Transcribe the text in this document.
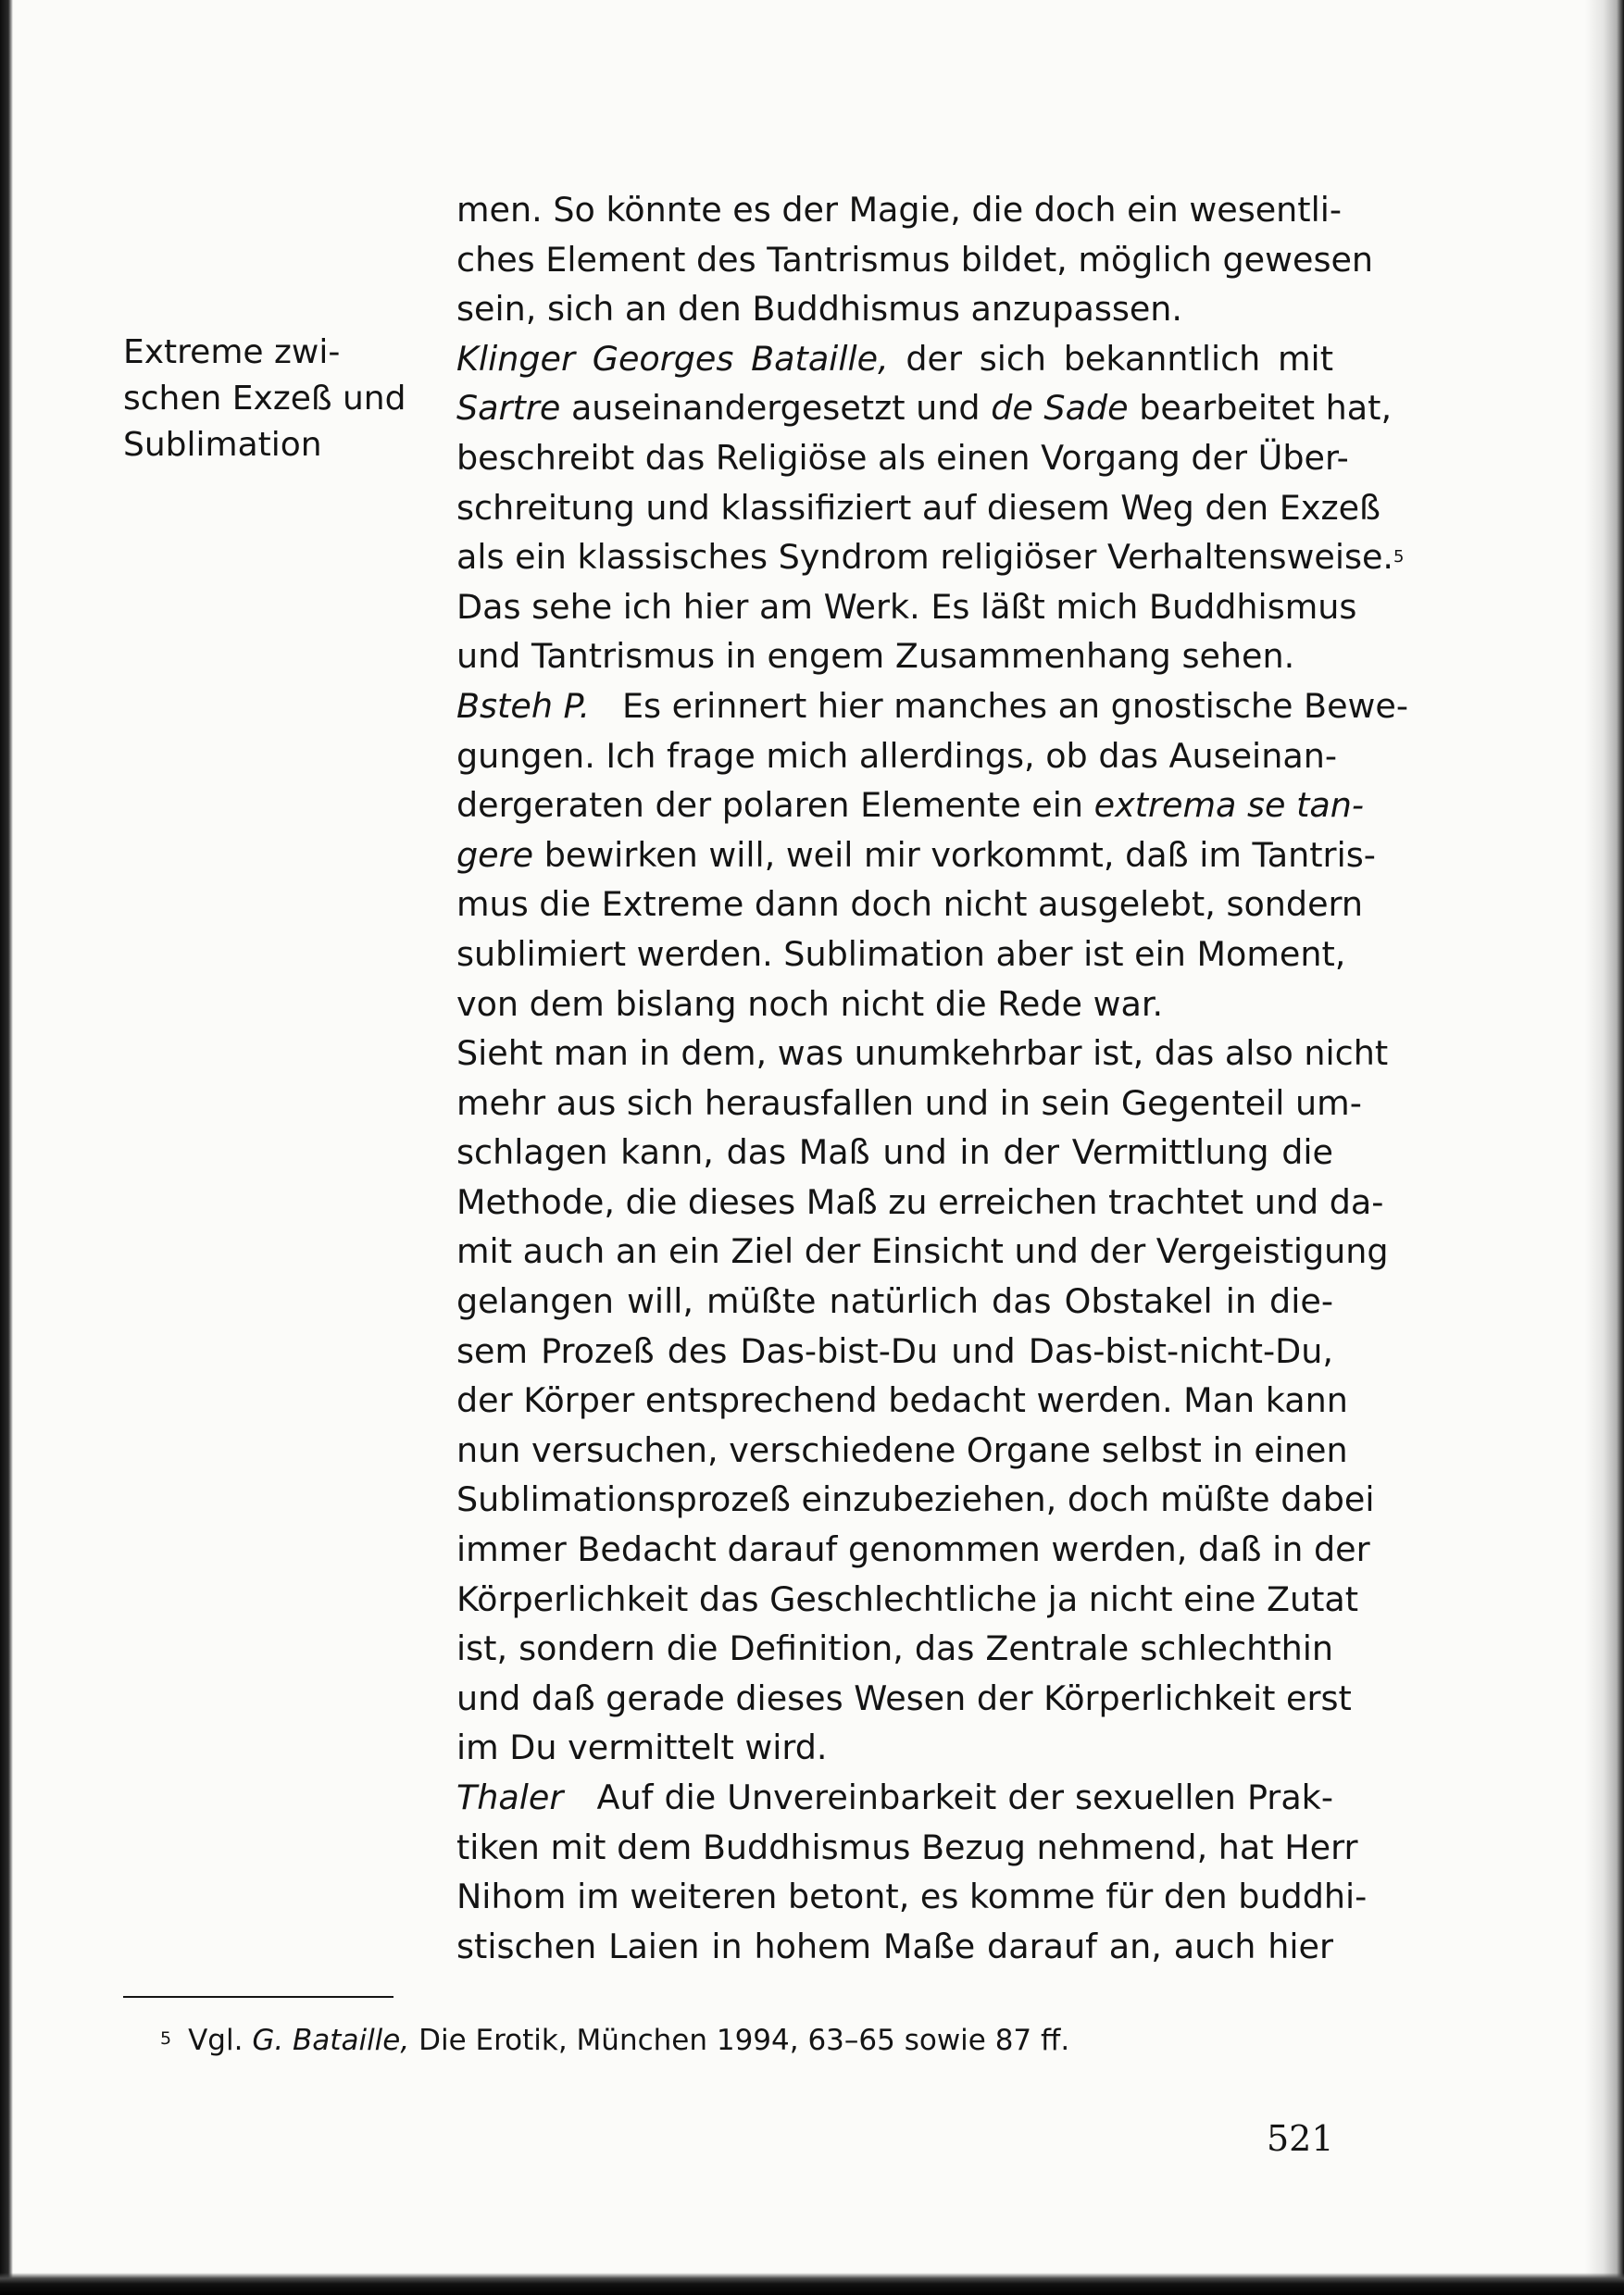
Extreme zwi-
schen Exzeß und
Sublimation
men. So könnte es der Magie, die doch ein wesentli-
ches Element des Tantrismus bildet, möglich gewesen
sein, sich an den Buddhismus anzupassen.
Klinger Georges Bataille, der sich bekanntlich mit
Sartre auseinandergesetzt und de Sade bearbeitet hat,
beschreibt das Religiöse als einen Vorgang der Über-
schreitung und klassifiziert auf diesem Weg den Exzeß
als ein klassisches Syndrom religiöser Verhaltensweise.$^5$
Das sehe ich hier am Werk. Es läßt mich Buddhismus
und Tantrismus in engem Zusammenhang sehen.
Bsteh P. Es erinnert hier manches an gnostische Bewe-
gungen. Ich frage mich allerdings, ob das Auseinan-
dergeraten der polaren Elemente ein extrema se tan-
gere bewirken will, weil mir vorkommt, daß im Tantris-
mus die Extreme dann doch nicht ausgelebt, sondern
sublimiert werden. Sublimation aber ist ein Moment,
von dem bislang noch nicht die Rede war.
Sieht man in dem, was unumkehrbar ist, das also nicht
mehr aus sich herausfallen und in sein Gegenteil um-
schlagen kann, das Maß und in der Vermittlung die
Methode, die dieses Maß zu erreichen trachtet und da-
mit auch an ein Ziel der Einsicht und der Vergeistigung
gelangen will, müßte natürlich das Obstakel in die-
sem Prozeß des Das-bist-Du und Das-bist-nicht-Du,
der Körper entsprechend bedacht werden. Man kann
nun versuchen, verschiedene Organe selbst in einen
Sublimationsprozeß einzubeziehen, doch müßte dabei
immer Bedacht darauf genommen werden, daß in der
Körperlichkeit das Geschlechtliche ja nicht eine Zutat
ist, sondern die Definition, das Zentrale schlechthin
und daß gerade dieses Wesen der Körperlichkeit erst
im Du vermittelt wird.
Thaler Auf die Unvereinbarkeit der sexuellen Prak-
tiken mit dem Buddhismus Bezug nehmend, hat Herr
Nihom im weiteren betont, es komme für den buddhi-
stischen Laien in hohem Maße darauf an, auch hier
$^5$ Vgl. G. Bataille, Die Erotik, München 1994, 63–65 sowie 87 ff.
521
